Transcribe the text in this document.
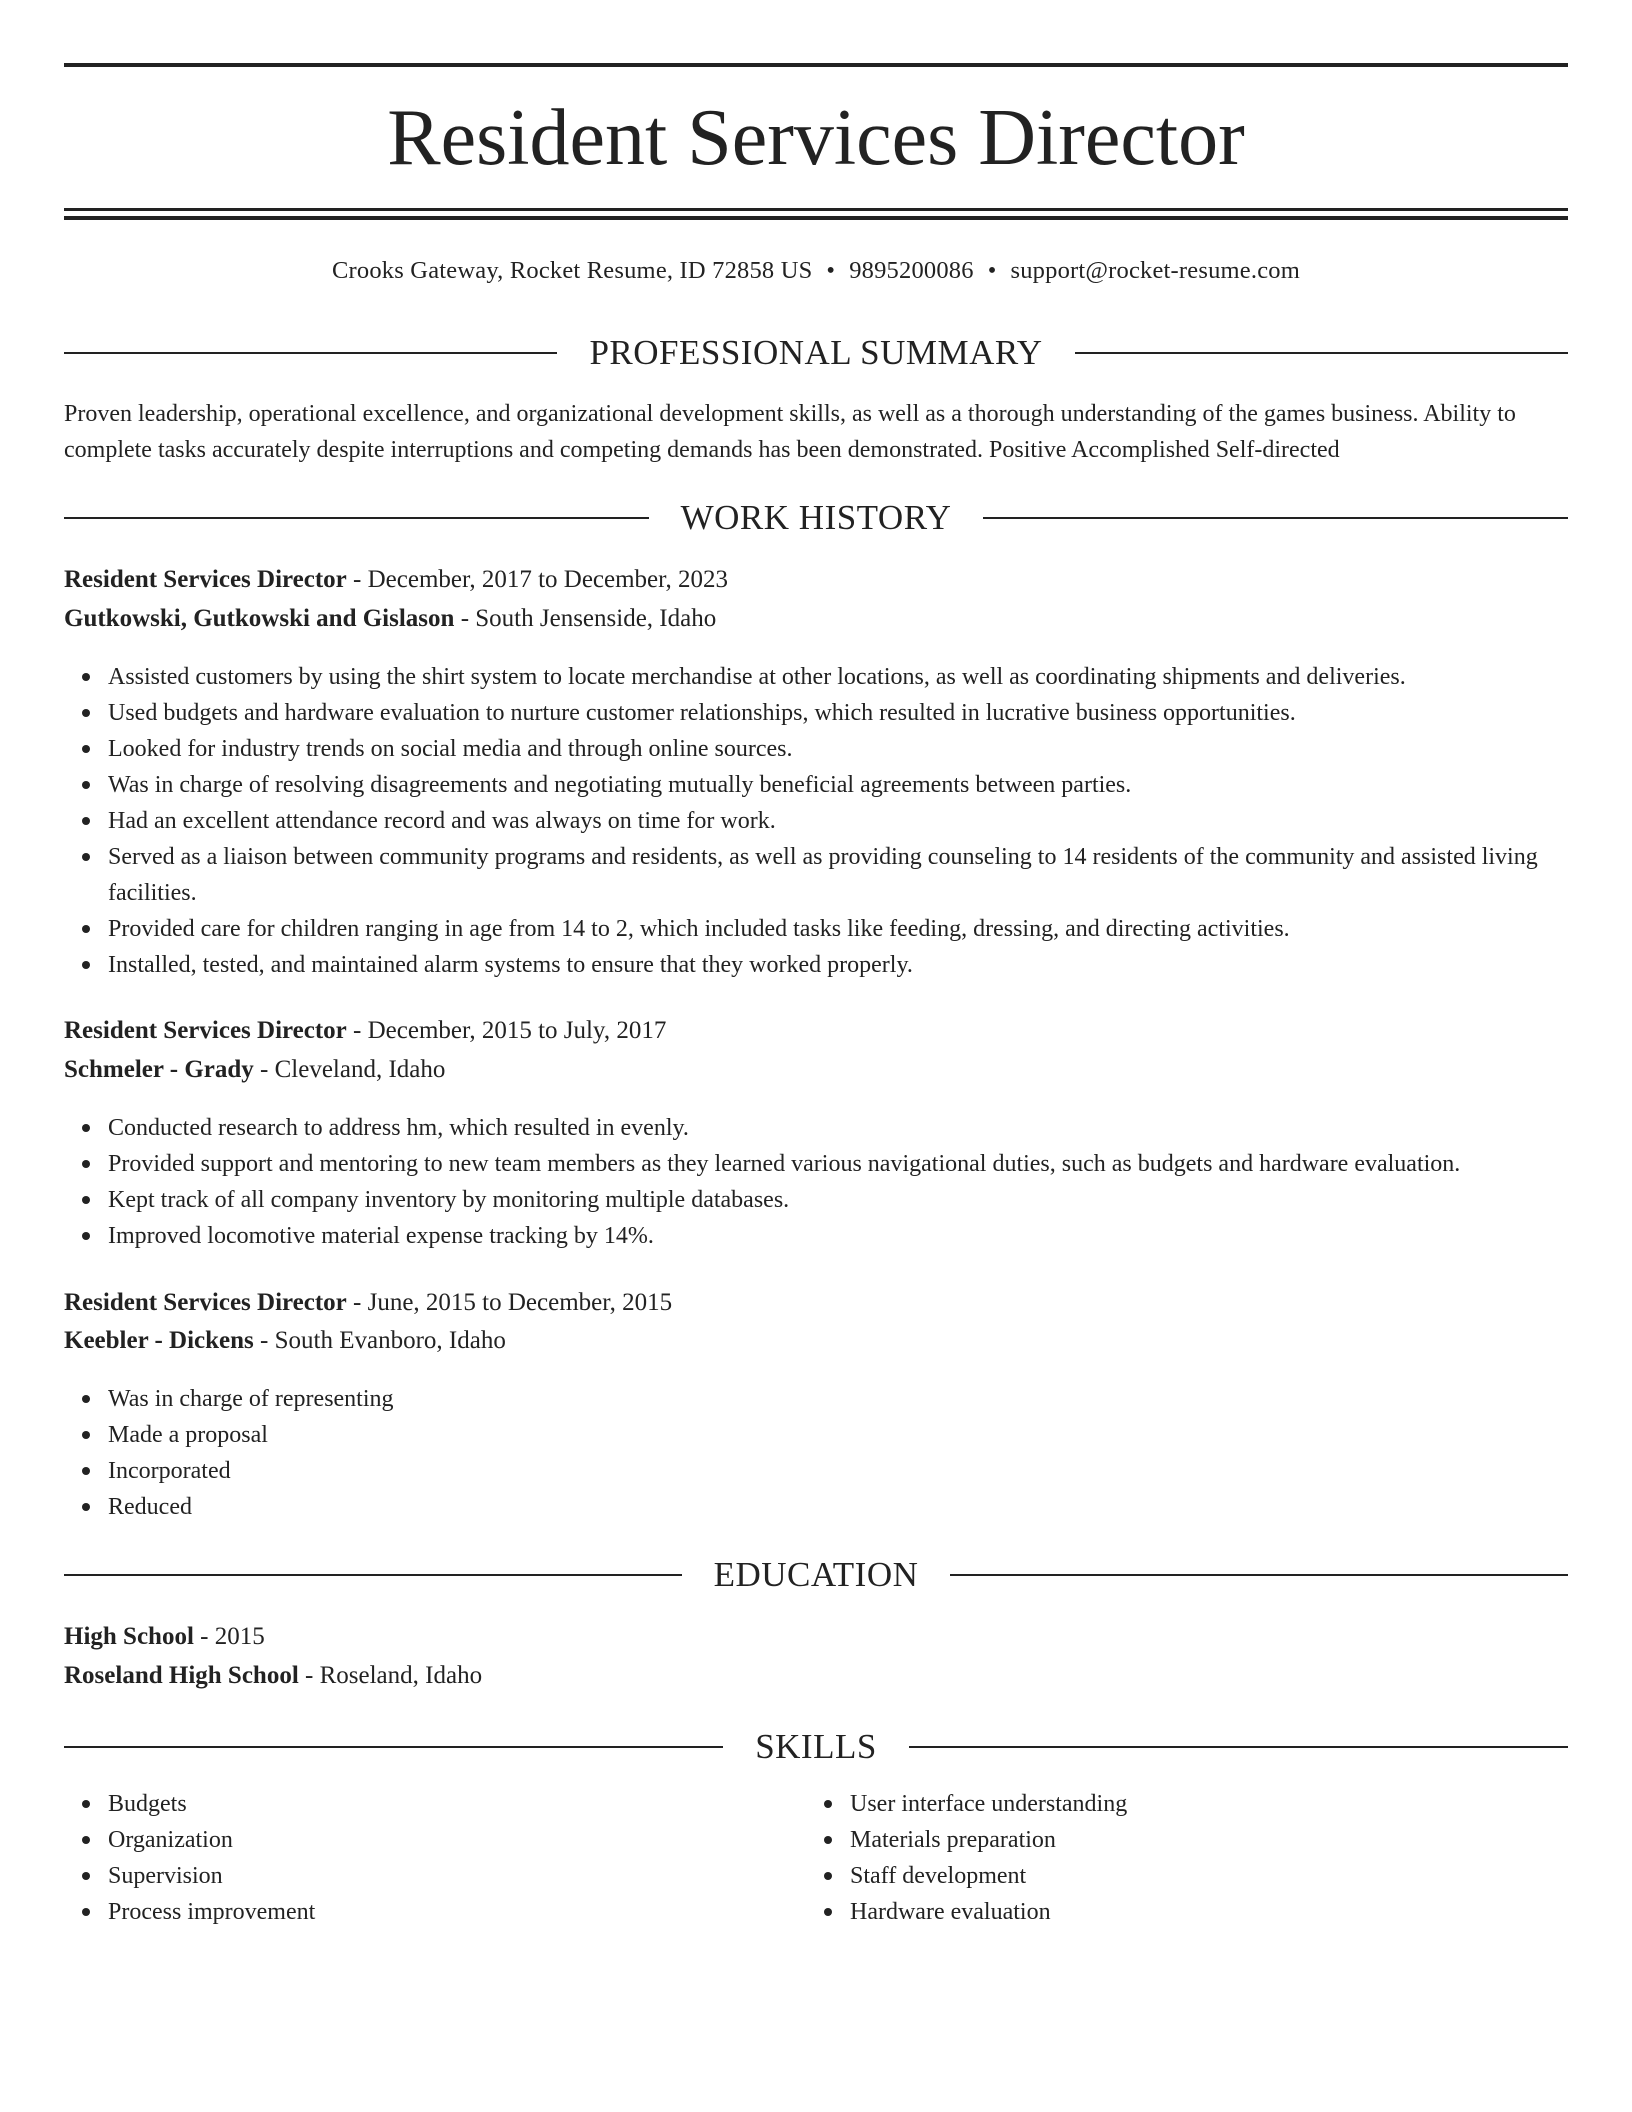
Resident Services Director
Crooks Gateway, Rocket Resume, ID 72858 US • 9895200086 • support@rocket-resume.com
PROFESSIONAL SUMMARY

Proven leadership, operational excellence, and organizational development skills, as well as a thorough understanding of the games business. Ability to complete tasks accurately despite interruptions and competing demands has been demonstrated. Positive Accomplished Self-directed

WORK HISTORY
Resident Services Director - December, 2017 to December, 2023
Gutkowski, Gutkowski and Gislason - South Jensenside, Idaho
Assisted customers by using the shirt system to locate merchandise at other locations, as well as coordinating shipments and deliveries.
Used budgets and hardware evaluation to nurture customer relationships, which resulted in lucrative business opportunities.
Looked for industry trends on social media and through online sources.
Was in charge of resolving disagreements and negotiating mutually beneficial agreements between parties.
Had an excellent attendance record and was always on time for work.
Served as a liaison between community programs and residents, as well as providing counseling to 14 residents of the community and assisted living facilities.
Provided care for children ranging in age from 14 to 2, which included tasks like feeding, dressing, and directing activities.
Installed, tested, and maintained alarm systems to ensure that they worked properly.
Resident Services Director - December, 2015 to July, 2017
Schmeler - Grady - Cleveland, Idaho
Conducted research to address hm, which resulted in evenly.
Provided support and mentoring to new team members as they learned various navigational duties, such as budgets and hardware evaluation.
Kept track of all company inventory by monitoring multiple databases.
Improved locomotive material expense tracking by 14%.
Resident Services Director - June, 2015 to December, 2015
Keebler - Dickens - South Evanboro, Idaho
Was in charge of representing
Made a proposal
Incorporated
Reduced
EDUCATION
High School - 2015
Roseland High School - Roseland, Idaho
SKILLS
Budgets
Organization
Supervision
Process improvement
User interface understanding
Materials preparation
Staff development
Hardware evaluation
